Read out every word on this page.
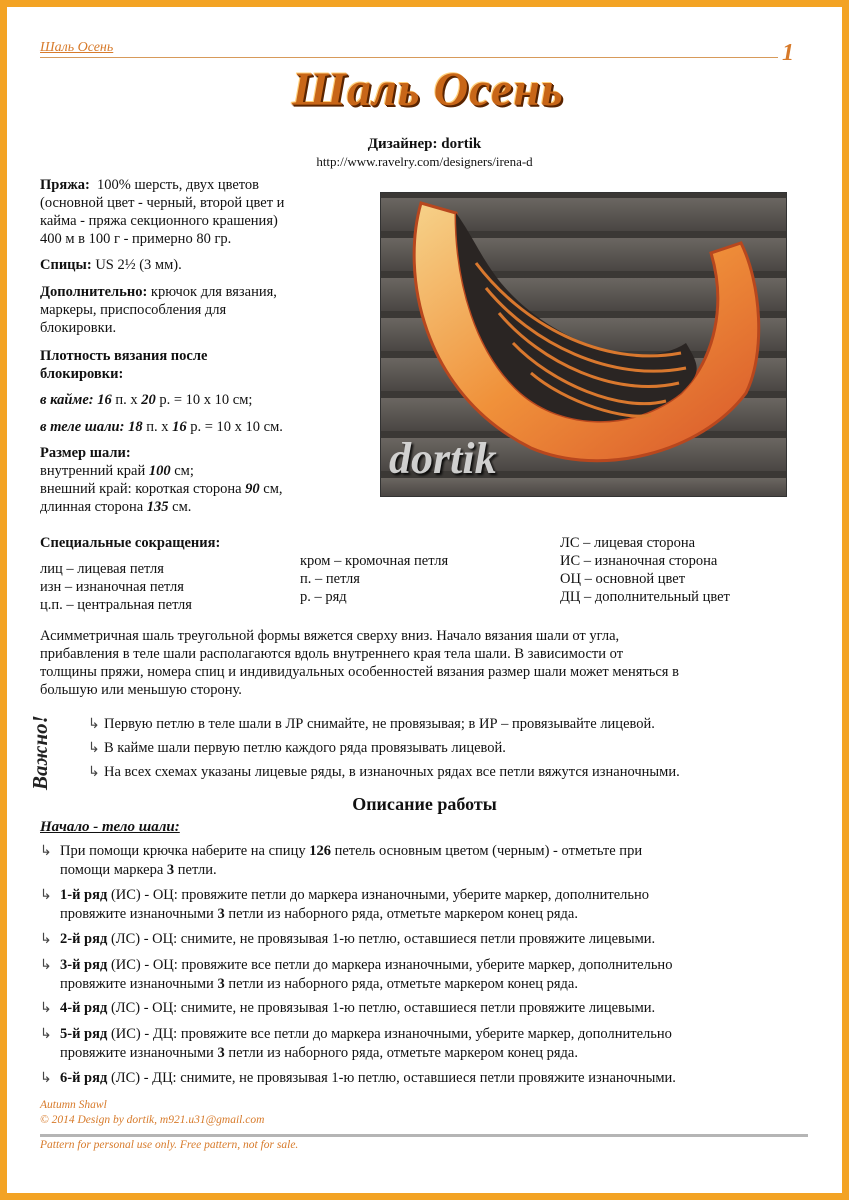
Шаль Осень	1
Шаль Осень
Дизайнер: dortik
http://www.ravelry.com/designers/irena-d
Пряжа: 100% шерсть, двух цветов
(основной цвет - черный, второй цвет и
кайма - пряжа секционного крашения)
400 м в 100 г - примерно 80 гр.
Спицы: US 2½ (3 мм).
Дополнительно: крючок для вязания,
маркеры, приспособления для
блокировки.
Плотность вязания после
блокировки:
в кайме: 16 п. х 20 р. = 10 х 10 см;
в теле шали: 18 п. х 16 р. = 10 х 10 см.
Размер шали:
внутренний край 100 см;
внешний край: короткая сторона 90 см,
длинная сторона 135 см.
dortik
Специальные сокращения:
лиц – лицевая петля
изн – изнаночная петля
ц.п. – центральная петля
кром – кромочная петля
п. – петля
р. – ряд
ЛС – лицевая сторона
ИС – изнаночная сторона
ОЦ – основной цвет
ДЦ – дополнительный цвет
Асимметричная шаль треугольной формы вяжется сверху вниз. Начало вязания шали от угла,
прибавления в теле шали располагаются вдоль внутреннего края тела шали. В зависимости от
толщины пряжи, номера спиц и индивидуальных особенностей вязания размер шали может меняться в
большую или меньшую сторону.
Важно!	↳ Первую петлю в теле шали в ЛР снимайте, не провязывая; в ИР – провязывайте лицевой.
↳ В кайме шали первую петлю каждого ряда провязывать лицевой.
↳ На всех схемах указаны лицевые ряды, в изнаночных рядах все петли вяжутся изнаночными.
Описание работы
Начало - тело шали:
↳ При помощи крючка наберите на спицу 126 петель основным цветом (черным) - отметьте при
помощи маркера 3 петли.
↳ 1-й ряд (ИС) - ОЦ: провяжите петли до маркера изнаночными, уберите маркер, дополнительно
провяжите изнаночными 3 петли из наборного ряда, отметьте маркером конец ряда.
↳ 2-й ряд (ЛС) - ОЦ: снимите, не провязывая 1-ю петлю, оставшиеся петли провяжите лицевыми.
↳ 3-й ряд (ИС) - ОЦ: провяжите все петли до маркера изнаночными, уберите маркер, дополнительно
провяжите изнаночными 3 петли из наборного ряда, отметьте маркером конец ряда.
↳ 4-й ряд (ЛС) - ОЦ: снимите, не провязывая 1-ю петлю, оставшиеся петли провяжите лицевыми.
↳ 5-й ряд (ИС) - ДЦ: провяжите все петли до маркера изнаночными, уберите маркер, дополнительно
провяжите изнаночными 3 петли из наборного ряда, отметьте маркером конец ряда.
↳ 6-й ряд (ЛС) - ДЦ: снимите, не провязывая 1-ю петлю, оставшиеся петли провяжите изнаночными.
Autumn Shawl
© 2014 Design by dortik, m921.u31@gmail.com
Pattern for personal use only. Free pattern, not for sale.
